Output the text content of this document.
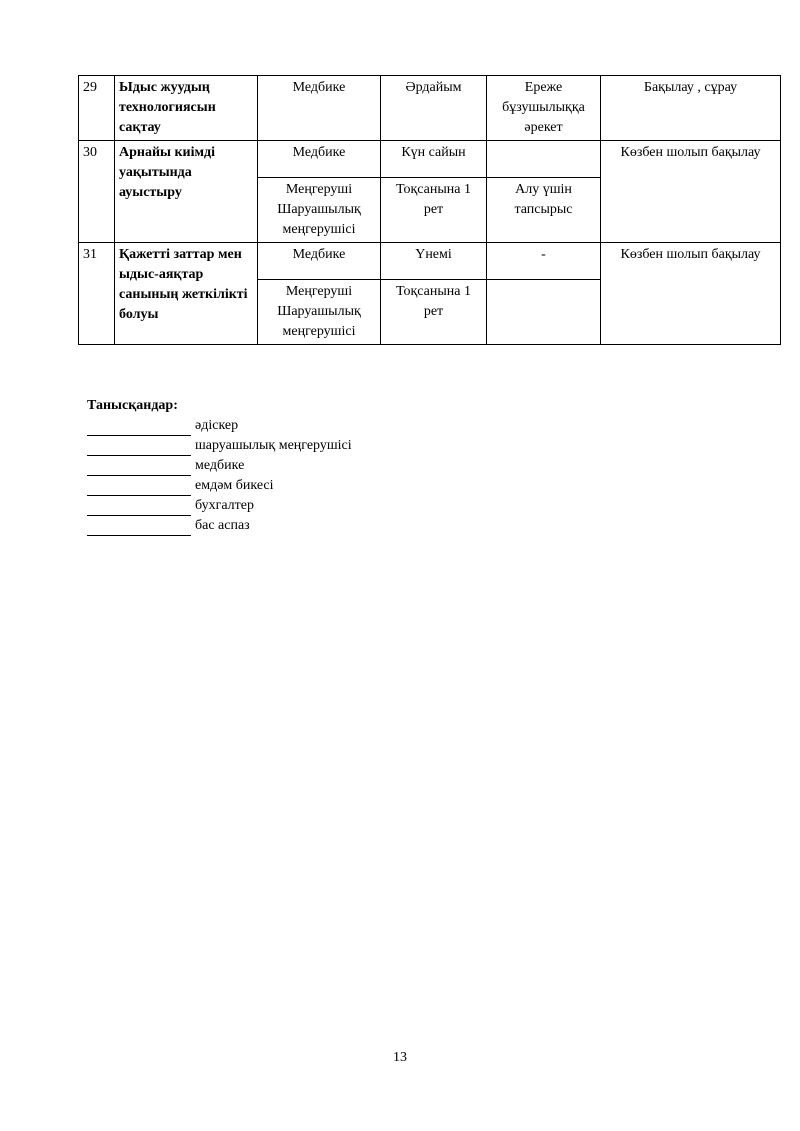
29	Ыдыс жуудың технологиясын сақтау	Медбике	Әрдайым	Ереже бұзушылыққа әрекет	Бақылау , сұрау
30	Арнайы киімді уақытында ауыстыру	Медбике	Күн сайын		Көзбен шолып бақылау
		Меңгеруші Шаруашылық меңгерушісі	Тоқсанына 1 рет	Алу үшін тапсырыс	
31	Қажетті заттар мен ыдыс-аяқтар санының жеткілікті болуы	Медбике	Үнемі	-	Көзбен шолып бақылау
		Меңгеруші Шаруашылық меңгерушісі	Тоқсанына 1 рет		
Танысқандар:
әдіскер
шаруашылық меңгерушісі
медбике
емдәм бикесі
бухгалтер
бас аспаз
13
